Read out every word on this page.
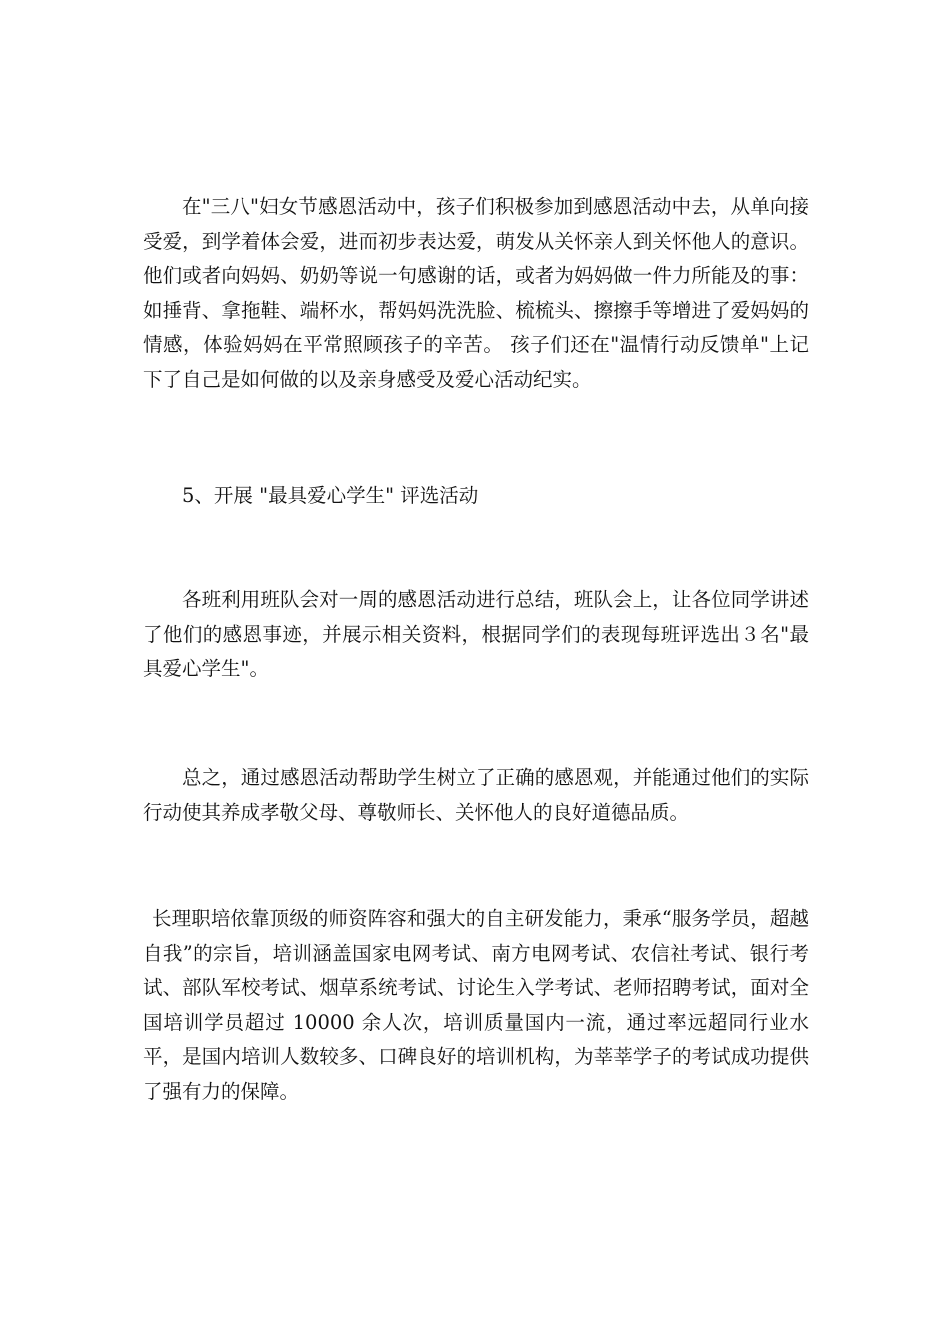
在"三八"妇女节感恩活动中，孩子们积极参加到感恩活动中去，从单向接受爱，到学着体会爱，进而初步表达爱，萌发从关怀亲人到关怀他人的意识。他们或者向妈妈、奶奶等说一句感谢的话，或者为妈妈做一件力所能及的事：如捶背、拿拖鞋、端杯水，帮妈妈洗洗脸、梳梳头、擦擦手等增进了爱妈妈的情感，体验妈妈在平常照顾孩子的辛苦。 孩子们还在"温情行动反馈单"上记下了自己是如何做的以及亲身感受及爱心活动纪实。

5、开展 "最具爱心学生" 评选活动

各班利用班队会对一周的感恩活动进行总结，班队会上，让各位同学讲述了他们的感恩事迹，并展示相关资料，根据同学们的表现每班评选出３名"最具爱心学生"。

总之，通过感恩活动帮助学生树立了正确的感恩观，并能通过他们的实际行动使其养成孝敬父母、尊敬师长、关怀他人的良好道德品质。

长理职培依靠顶级的师资阵容和强大的自主研发能力，秉承“服务学员，超越自我”的宗旨，培训涵盖国家电网考试、南方电网考试、农信社考试、银行考试、部队军校考试、烟草系统考试、讨论生入学考试、老师招聘考试，面对全国培训学员超过 10000 余人次，培训质量国内一流，通过率远超同行业水平，是国内培训人数较多、口碑良好的培训机构，为莘莘学子的考试成功提供了强有力的保障。
